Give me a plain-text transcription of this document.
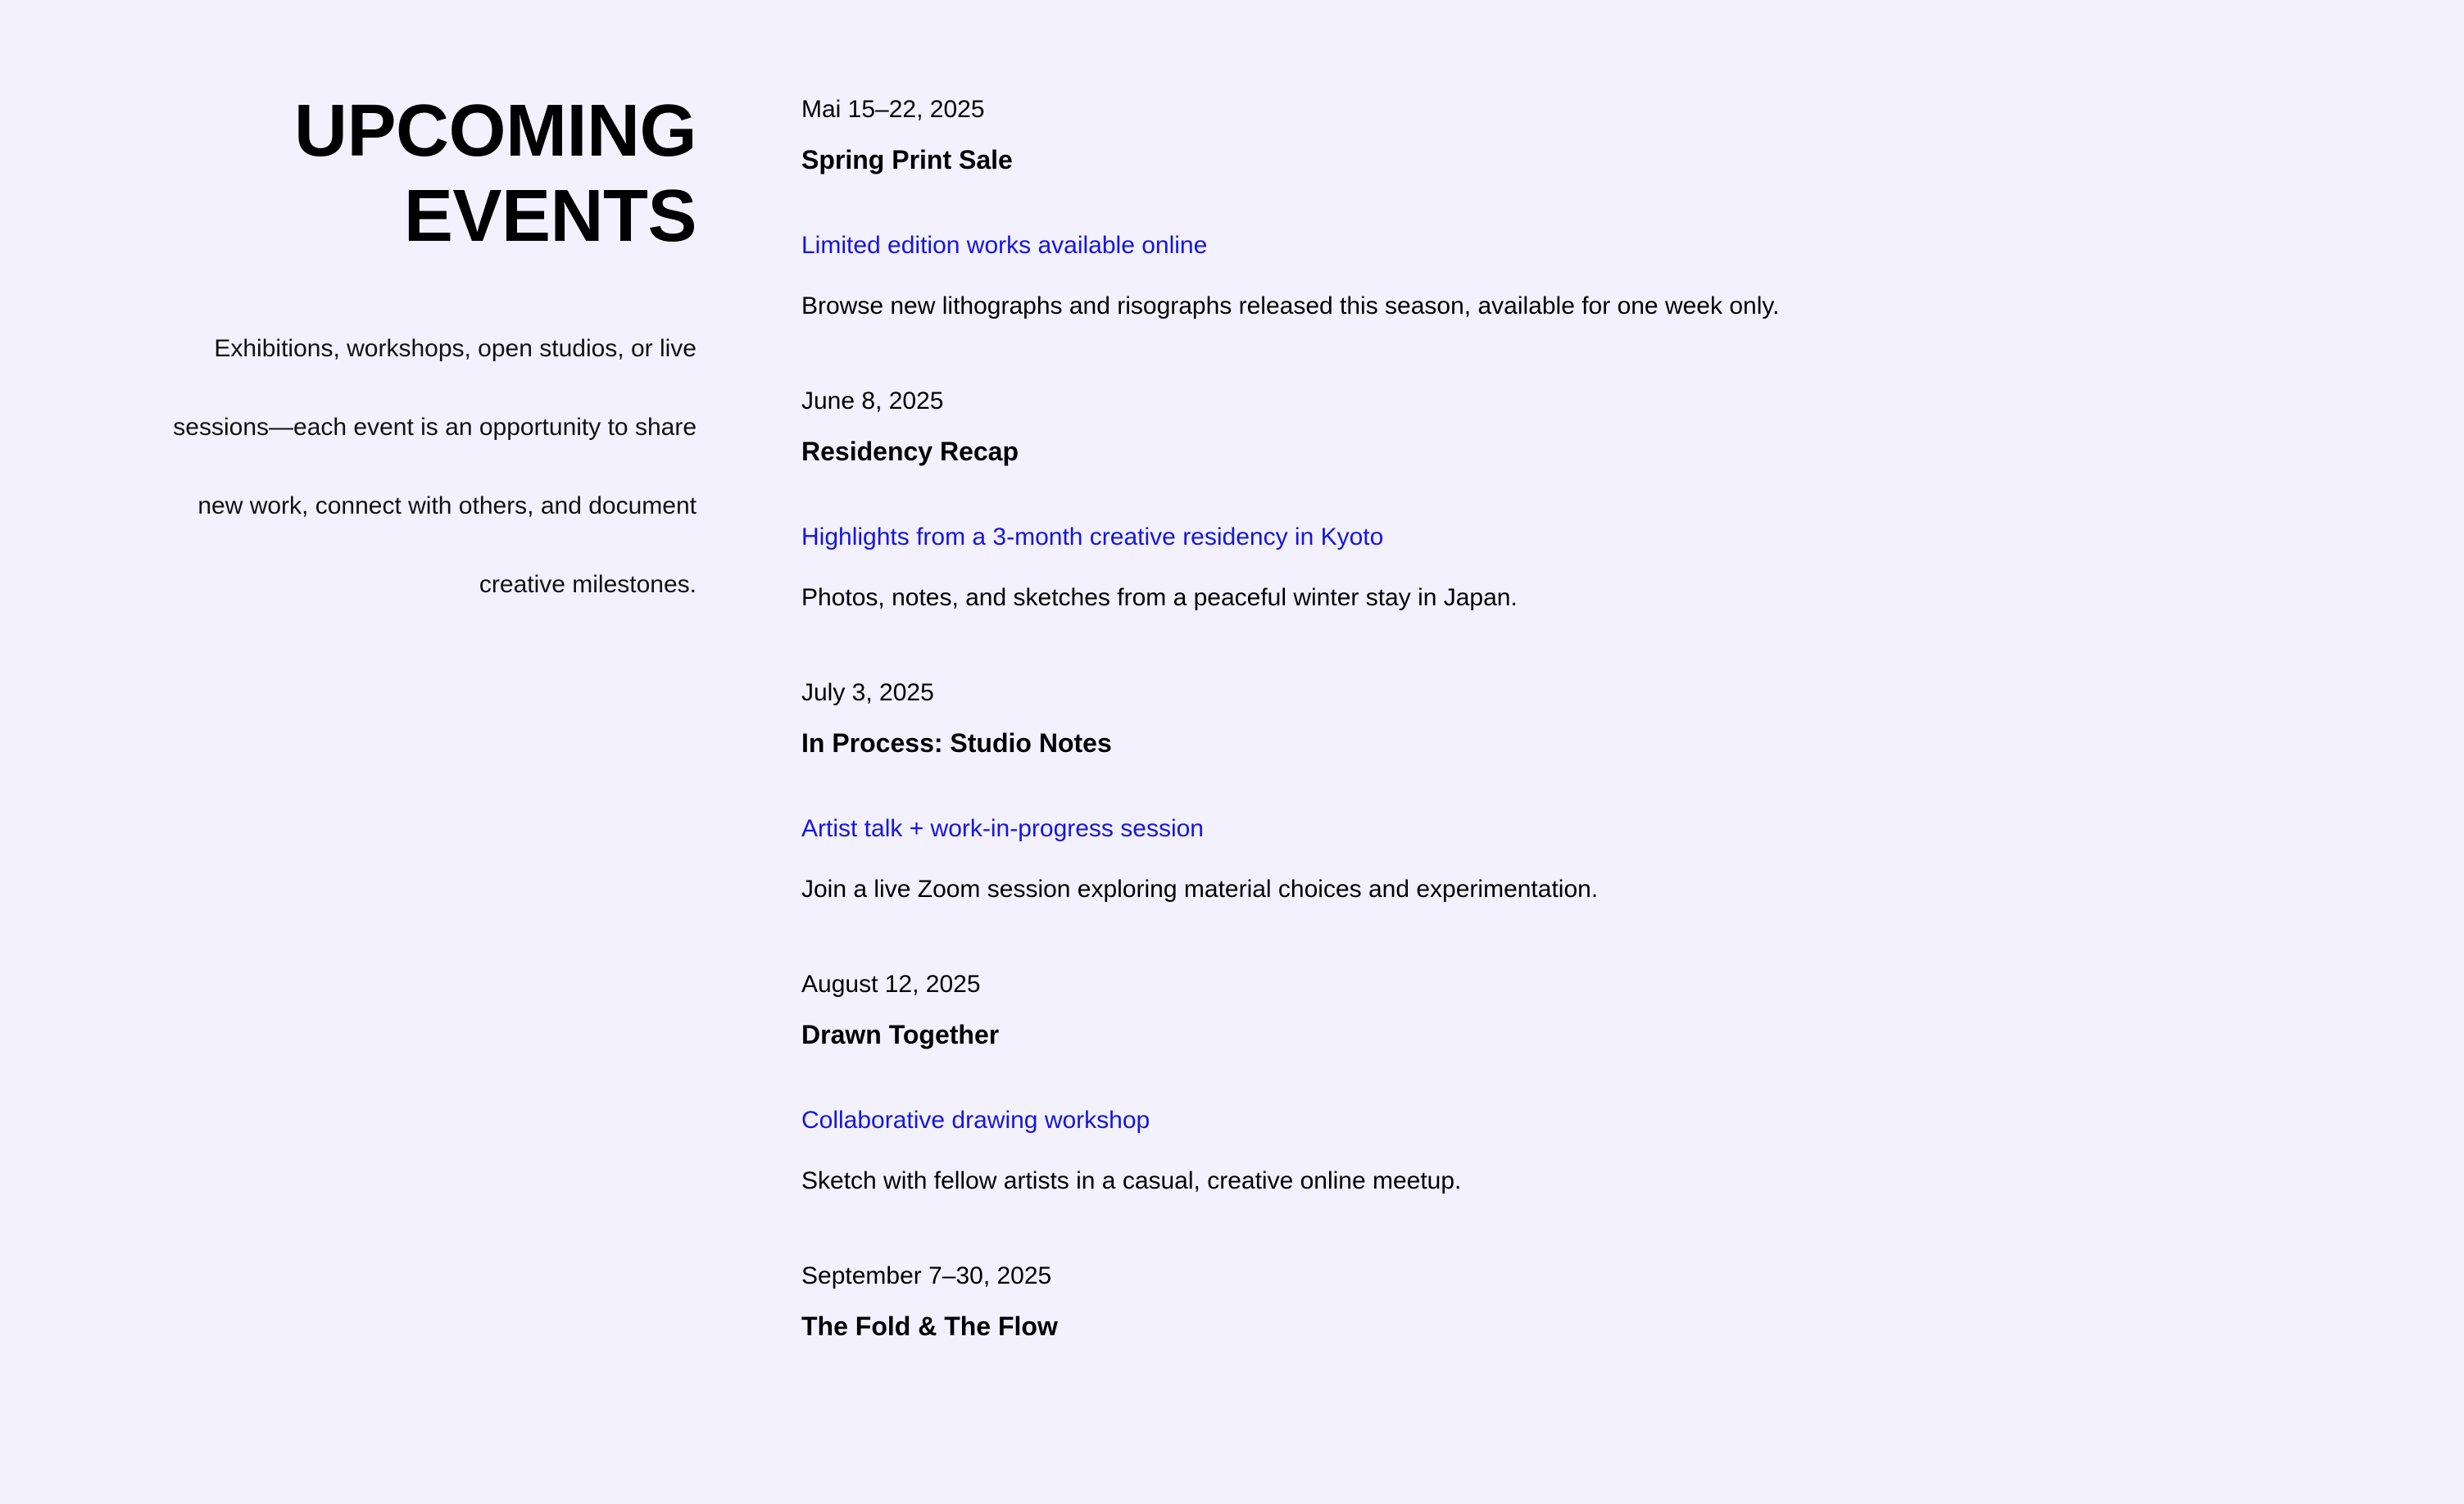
UPCOMING EVENTS

Exhibitions, workshops, open studios, or live sessions—each event is an opportunity to share new work, connect with others, and document creative milestones.

Mai 15–22, 2025
Spring Print Sale
Limited edition works available online
Browse new lithographs and risographs released this season, available for one week only.
June 8, 2025
Residency Recap
Highlights from a 3-month creative residency in Kyoto
Photos, notes, and sketches from a peaceful winter stay in Japan.
July 3, 2025
In Process: Studio Notes
Artist talk + work-in-progress session
Join a live Zoom session exploring material choices and experimentation.
August 12, 2025
Drawn Together
Collaborative drawing workshop
Sketch with fellow artists in a casual, creative online meetup.
September 7–30, 2025
The Fold & The Flow
